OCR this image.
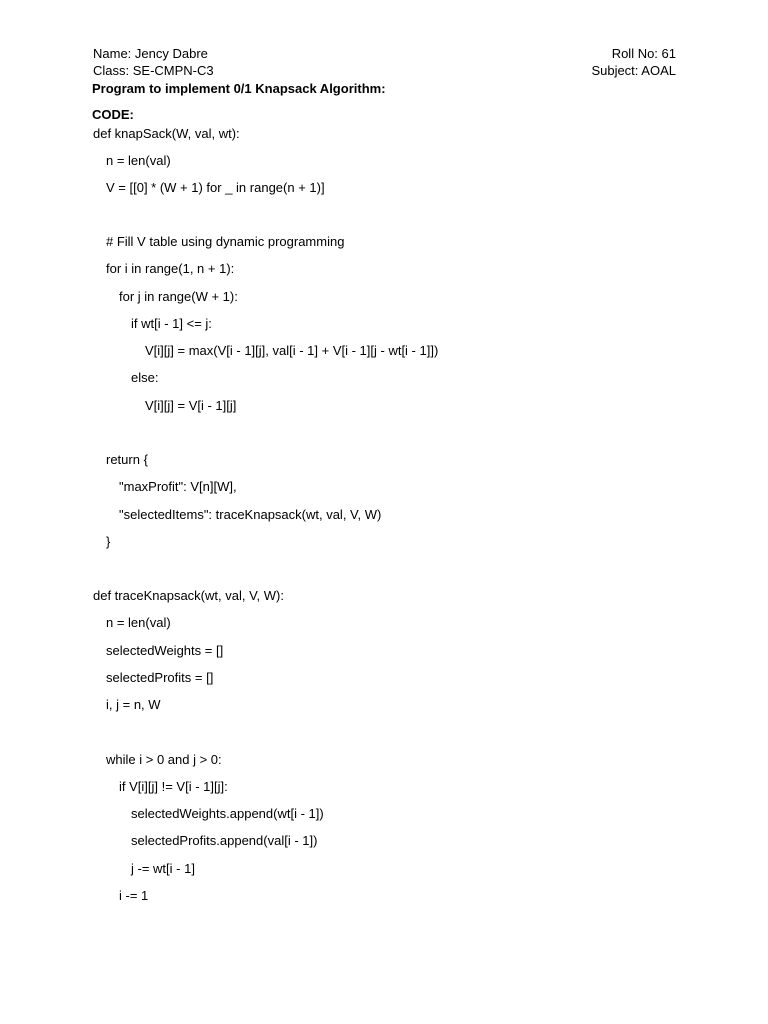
Name: Jency Dabre	Roll No: 61
Class: SE-CMPN-C3	Subject: AOAL
Program to implement 0/1 Knapsack Algorithm:
CODE:
def knapSack(W, val, wt):
n = len(val)
V = [[0] * (W + 1) for _ in range(n + 1)]
# Fill V table using dynamic programming
for i in range(1, n + 1):
for j in range(W + 1):
if wt[i - 1] <= j:
V[i][j] = max(V[i - 1][j], val[i - 1] + V[i - 1][j - wt[i - 1]])
else:
V[i][j] = V[i - 1][j]
return {
"maxProfit": V[n][W],
"selectedItems": traceKnapsack(wt, val, V, W)
}
def traceKnapsack(wt, val, V, W):
n = len(val)
selectedWeights = []
selectedProfits = []
i, j = n, W
while i > 0 and j > 0:
if V[i][j] != V[i - 1][j]:
selectedWeights.append(wt[i - 1])
selectedProfits.append(val[i - 1])
j -= wt[i - 1]
i -= 1
